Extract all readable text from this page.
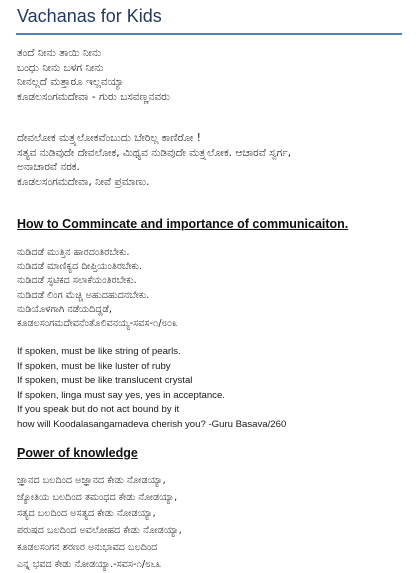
Vachanas for Kids
ತಂದೆ ನೀನು ತಾಯಿ ನೀನು
ಬಂಧು ನೀನು ಬಳಗ ನೀನು
ನೀನಲ್ಲದೆ ಮತ್ತಾರೂ ಇಲ್ಲವಯ್ಯಾ
ಕೂಡಲಸಂಗಮದೇವಾ - ಗುರು ಬಸವಣ್ಣನವರು
ದೇವಲೋಕ ಮತ್ರ್ಯಲೋಕವೆಂಬುದು ಬೇರಿಲ್ಲ ಕಾಣಿರೋ !
ಸತ್ಯವ ನುಡಿವುದೇ ದೇವಲೋಕ, ಮಿಥ್ಯವ ನುಡಿವುದೇ ಮತ್ರ್ಯಲೋಕ. ಆಚಾರವೆ ಸ್ವರ್ಗ,
ಅನಾಚಾರವೆ ನರಕ.
ಕೂಡಲಸಂಗಮದೇವಾ, ನೀವೆ ಪ್ರಮಾಣು.
How to Commincate and importance of communicaiton.
ನುಡಿದಡೆ ಮುತ್ತಿನ ಹಾರದಂತಿರಬೇಕು.
ನುಡಿದಡೆ ಮಾಣಿಕ್ಯದ ದೀಪ್ತಿಯಂತಿರಬೇಕು.
ನುಡಿದಡೆ ಸ್ಫಟಿಕದ ಸಲಾಕೆಯಂತಿರಬೇಕು.
ನುಡಿದಡೆ ಲಿಂಗ ಮೆಚ್ಚಿ ಅಹುದಹುದನಬೇಕು.
ನುಡಿಯೊಳಗಾಗಿ ನಡೆಯದಿದ್ದಡೆ,
ಕೂಡಲಸಂಗಮದೇವನೆಂತೊಲಿವನಯ್ಯ-ಸವಸ-೧/೮೦೩
If spoken, must be like string of pearls.
If spoken, must be like luster of ruby
If spoken, must be like translucent crystal
If spoken, linga must say yes, yes in acceptance.
If you speak but do not act bound by it
how will Koodalasangamadeva cherish you? -Guru Basava/260
Power of knowledge
ಜ್ಞಾನದ ಬಲದಿಂದ ಅಜ್ಞಾನದ ಕೇಡು ನೋಡಯ್ಯಾ,
ಜ್ಯೋತಿಯ ಬಲದಿಂದ ತಮಂಧದ ಕೇಡು ನೋಡಯ್ಯಾ,
ಸತ್ಯದ ಬಲದಿಂದ ಅಸತ್ಯದ ಕೇಡು ನೋಡಯ್ಯಾ,
ಪರುಷದ ಬಲದಿಂದ ಅವಲೋಹದ ಕೇಡು ನೋಡಯ್ಯಾ,
ಕೂಡಲಸಂಗನ ಶರಣರ ಅನುಭಾವದ ಬಲದಿಂದ
ಎನ್ನ ಭವದ ಕೇಡು ನೋಡಯ್ಯಾ.-ಸವಸ-೧/೮೬೩
